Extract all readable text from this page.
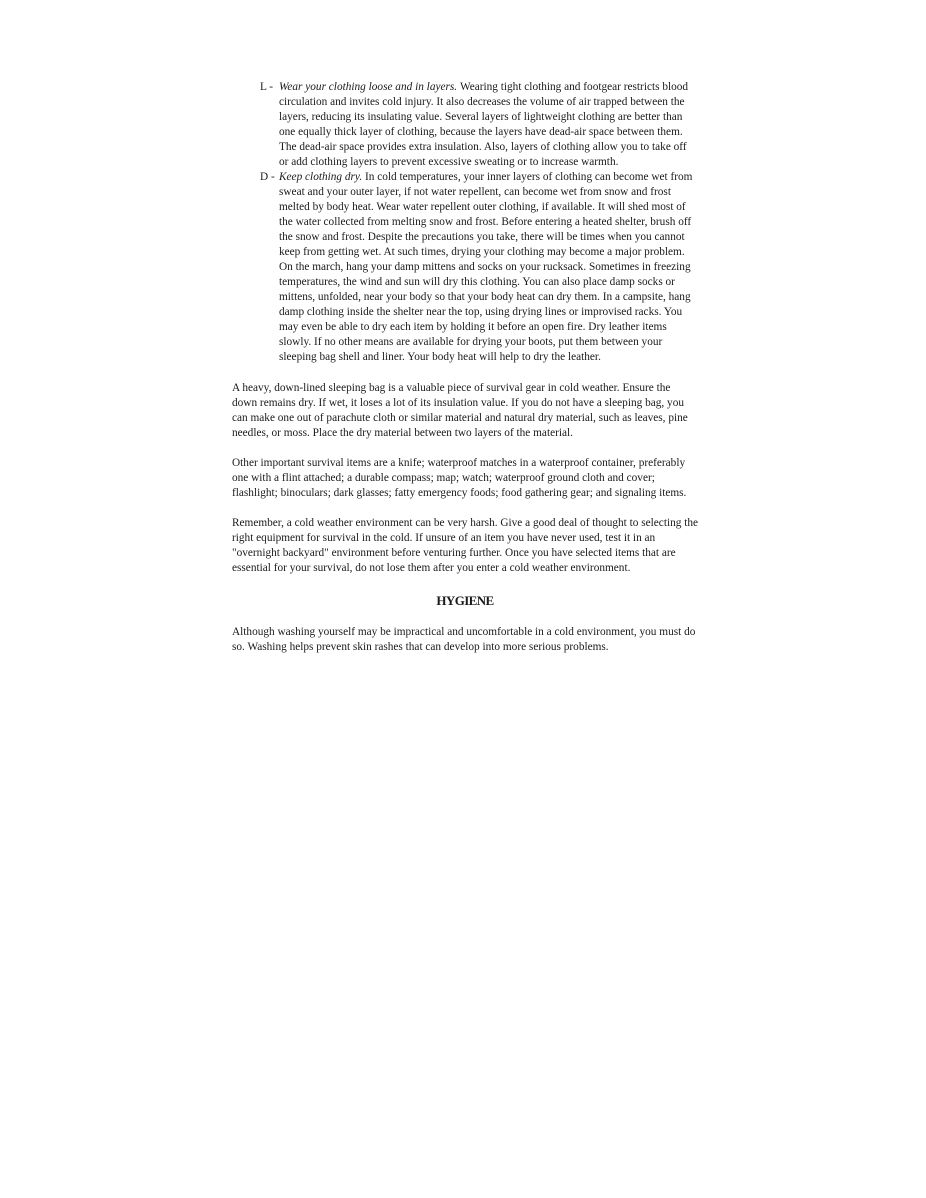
L - Wear your clothing loose and in layers. Wearing tight clothing and footgear restricts blood circulation and invites cold injury. It also decreases the volume of air trapped between the layers, reducing its insulating value. Several layers of lightweight clothing are better than one equally thick layer of clothing, because the layers have dead-air space between them. The dead-air space provides extra insulation. Also, layers of clothing allow you to take off or add clothing layers to prevent excessive sweating or to increase warmth.
D - Keep clothing dry. In cold temperatures, your inner layers of clothing can become wet from sweat and your outer layer, if not water repellent, can become wet from snow and frost melted by body heat. Wear water repellent outer clothing, if available. It will shed most of the water collected from melting snow and frost. Before entering a heated shelter, brush off the snow and frost. Despite the precautions you take, there will be times when you cannot keep from getting wet. At such times, drying your clothing may become a major problem. On the march, hang your damp mittens and socks on your rucksack. Sometimes in freezing temperatures, the wind and sun will dry this clothing. You can also place damp socks or mittens, unfolded, near your body so that your body heat can dry them. In a campsite, hang damp clothing inside the shelter near the top, using drying lines or improvised racks. You may even be able to dry each item by holding it before an open fire. Dry leather items slowly. If no other means are available for drying your boots, put them between your sleeping bag shell and liner. Your body heat will help to dry the leather.

A heavy, down-lined sleeping bag is a valuable piece of survival gear in cold weather. Ensure the down remains dry. If wet, it loses a lot of its insulation value. If you do not have a sleeping bag, you can make one out of parachute cloth or similar material and natural dry material, such as leaves, pine needles, or moss. Place the dry material between two layers of the material.

Other important survival items are a knife; waterproof matches in a waterproof container, preferably one with a flint attached; a durable compass; map; watch; waterproof ground cloth and cover; flashlight; binoculars; dark glasses; fatty emergency foods; food gathering gear; and signaling items.

Remember, a cold weather environment can be very harsh. Give a good deal of thought to selecting the right equipment for survival in the cold. If unsure of an item you have never used, test it in an "overnight backyard" environment before venturing further. Once you have selected items that are essential for your survival, do not lose them after you enter a cold weather environment.

HYGIENE

Although washing yourself may be impractical and uncomfortable in a cold environment, you must do so. Washing helps prevent skin rashes that can develop into more serious problems.
